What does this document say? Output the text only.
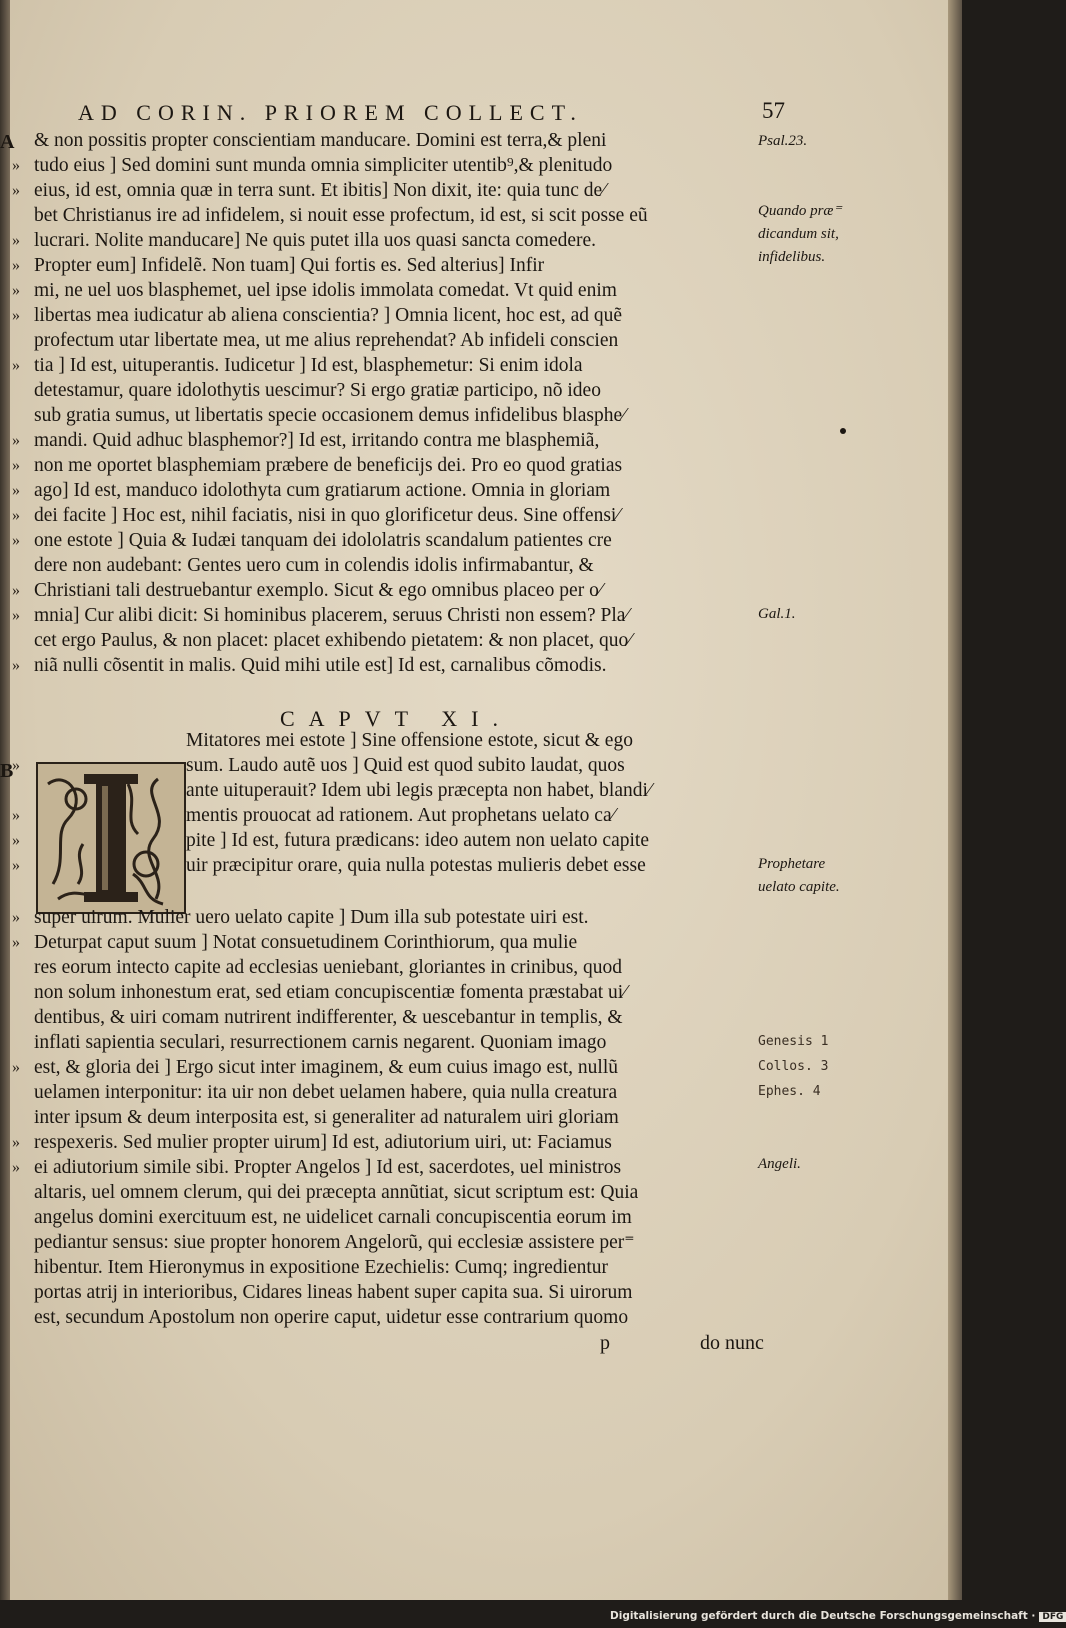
AD CORIN. PRIOREM COLLECT.	57
A
B
& non possitis propter conscientiam manducare. Domini est terra,& pleni
tudo eius ] Sed domini sunt munda omnia simpliciter utentib⁹,& plenitudo
eius, id est, omnia quæ in terra sunt. Et ibitis] Non dixit, ite: quia tunc de⁄
bet Christianus ire ad infidelem, si nouit esse profectum, id est, si scit posse eũ
lucrari. Nolite manducare] Ne quis putet illa uos quasi sancta comedere.
Propter eum] Infidelẽ. Non tuam] Qui fortis es. Sed alterius] Infir
mi, ne uel uos blasphemet, uel ipse idolis immolata comedat. Vt quid enim
libertas mea iudicatur ab aliena conscientia? ] Omnia licent, hoc est, ad quẽ
profectum utar libertate mea, ut me alius reprehendat? Ab infideli conscien
tia ] Id est, uituperantis. Iudicetur ] Id est, blasphemetur: Si enim idola
detestamur, quare idolothytis uescimur? Si ergo gratiæ participo, nõ ideo
sub gratia sumus, ut libertatis specie occasionem demus infidelibus blasphe⁄
mandi. Quid adhuc blasphemor?] Id est, irritando contra me blasphemiã,
non me oportet blasphemiam præbere de beneficijs dei. Pro eo quod gratias
ago] Id est, manduco idolothyta cum gratiarum actione. Omnia in gloriam
dei facite ] Hoc est, nihil faciatis, nisi in quo glorificetur deus. Sine offensi⁄
one estote ] Quia & Iudæi tanquam dei idololatris scandalum patientes cre
dere non audebant: Gentes uero cum in colendis idolis infirmabantur, &
Christiani tali destruebantur exemplo. Sicut & ego omnibus placeo per o⁄
mnia] Cur alibi dicit: Si hominibus placerem, seruus Christi non essem? Pla⁄
cet ergo Paulus, & non placet: placet exhibendo pietatem: & non placet, quo⁄
niã nulli cõsentit in malis. Quid mihi utile est] Id est, carnalibus cõmodis.
»
»
»
»
»
»
»
»
»
»
»
»
»
»
»
CAPVT XI.
Mitatores mei estote ] Sine offensione estote, sicut & ego
sum. Laudo autẽ uos ] Quid est quod subito laudat, quos
ante uituperauit? Idem ubi legis præcepta non habet, blandi⁄
mentis prouocat ad rationem. Aut prophetans uelato ca⁄
pite ] Id est, futura prædicans: ideo autem non uelato capite
uir præcipitur orare, quia nulla potestas mulieris debet esse
super uirum. Mulier uero uelato capite ] Dum illa sub potestate uiri est.
Deturpat caput suum ] Notat consuetudinem Corinthiorum, qua mulie
res eorum intecto capite ad ecclesias ueniebant, gloriantes in crinibus, quod
non solum inhonestum erat, sed etiam concupiscentiæ fomenta præstabat ui⁄
dentibus, & uiri comam nutrirent indifferenter, & uescebantur in templis, &
inflati sapientia seculari, resurrectionem carnis negarent. Quoniam imago
est, & gloria dei ] Ergo sicut inter imaginem, & eum cuius imago est, nullũ
uelamen interponitur: ita uir non debet uelamen habere, quia nulla creatura
inter ipsum & deum interposita est, si generaliter ad naturalem uiri gloriam
respexeris. Sed mulier propter uirum] Id est, adiutorium uiri, ut: Faciamus
ei adiutorium simile sibi. Propter Angelos ] Id est, sacerdotes, uel ministros
altaris, uel omnem clerum, qui dei præcepta annũtiat, sicut scriptum est: Quia
angelus domini exercituum est, ne uidelicet carnali concupiscentia eorum im
pediantur sensus: siue propter honorem Angelorũ, qui ecclesiæ assistere per⁼
hibentur. Item Hieronymus in expositione Ezechielis: Cumq; ingredientur
portas atrij in interioribus, Cidares lineas habent super capita sua. Si uirorum
est, secundum Apostolum non operire caput, uidetur esse contrarium quomo
»
»
»
»
»
»
»
»
»
p	do nunc
Psal.23.
Quando præ⁼
dicandum sit,
infidelibus.
Gal.1.
Prophetare
uelato capite.
Genesis 1
Collos. 3
Ephes. 4
Angeli.
Digitalisierung gefördert durch die Deutsche Forschungsgemeinschaft · DFG
